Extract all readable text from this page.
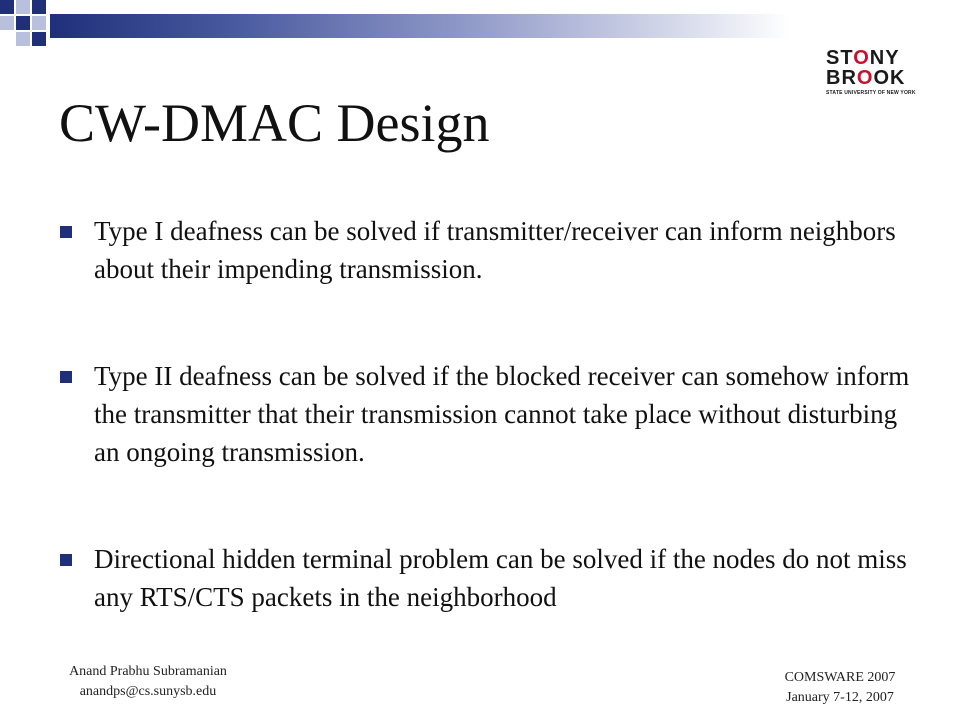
STONY
BROOK
STATE UNIVERSITY OF NEW YORK
CW-DMAC Design
Type I deafness can be solved if transmitter/receiver can inform neighbors about their impending transmission.
Type II deafness can be solved if the blocked receiver can somehow inform the transmitter that their transmission cannot take place without disturbing an ongoing transmission.
Directional hidden terminal problem can be solved if the nodes do not miss any RTS/CTS packets in the neighborhood
Anand Prabhu Subramanian
anandps@cs.sunysb.edu
COMSWARE 2007
January 7-12, 2007
